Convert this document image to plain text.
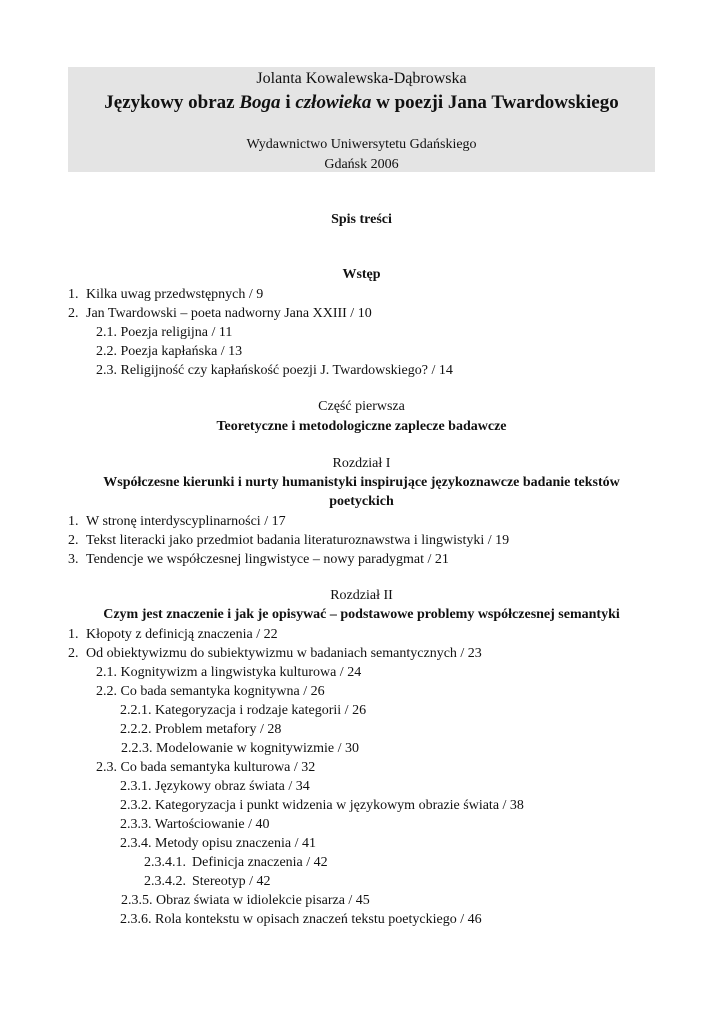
Jolanta Kowalewska-Dąbrowska
Językowy obraz Boga i człowieka w poezji Jana Twardowskiego
Wydawnictwo Uniwersytetu Gdańskiego
Gdańsk 2006
Spis treści
Wstęp
1. Kilka uwag przedwstępnych / 9
2. Jan Twardowski – poeta nadworny Jana XXIII / 10
2.1. Poezja religijna / 11
2.2. Poezja kapłańska / 13
2.3. Religijność czy kapłańskość poezji J. Twardowskiego? / 14
Część pierwsza
Teoretyczne i metodologiczne zaplecze badawcze
Rozdział I
Współczesne kierunki i nurty humanistyki inspirujące językoznawcze badanie tekstów
poetyckich
1. W stronę interdyscyplinarności / 17
2. Tekst literacki jako przedmiot badania literaturoznawstwa i lingwistyki / 19
3. Tendencje we współczesnej lingwistyce – nowy paradygmat / 21
Rozdział II
Czym jest znaczenie i jak je opisywać – podstawowe problemy współczesnej semantyki
1. Kłopoty z definicją znaczenia / 22
2. Od obiektywizmu do subiektywizmu w badaniach semantycznych / 23
2.1. Kognitywizm a lingwistyka kulturowa / 24
2.2. Co bada semantyka kognitywna / 26
2.2.1. Kategoryzacja i rodzaje kategorii / 26
2.2.2. Problem metafory / 28
2.2.3. Modelowanie w kognitywizmie / 30
2.3. Co bada semantyka kulturowa / 32
2.3.1. Językowy obraz świata / 34
2.3.2. Kategoryzacja i punkt widzenia w językowym obrazie świata / 38
2.3.3. Wartościowanie / 40
2.3.4. Metody opisu znaczenia / 41
2.3.4.1. Definicja znaczenia / 42
2.3.4.2. Stereotyp / 42
2.3.5. Obraz świata w idiolekcie pisarza / 45
2.3.6. Rola kontekstu w opisach znaczeń tekstu poetyckiego / 46
